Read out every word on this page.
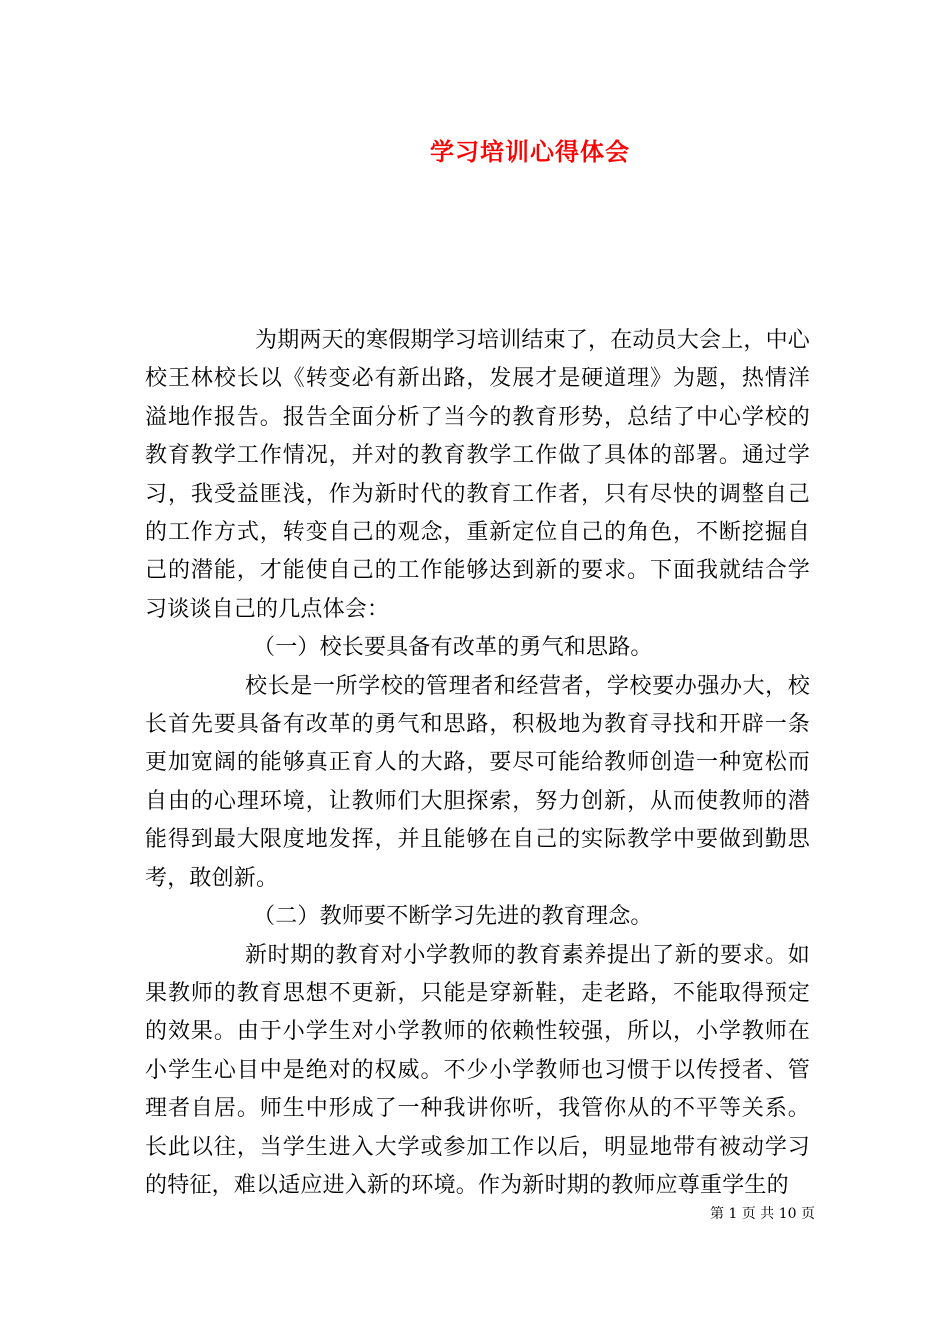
学习培训心得体会

为期两天的寒假期学习培训结束了，在动员大会上，中心校王林校长以《转变必有新出路，发展才是硬道理》为题，热情洋溢地作报告。报告全面分析了当今的教育形势，总结了中心学校的教育教学工作情况，并对的教育教学工作做了具体的部署。通过学习，我受益匪浅，作为新时代的教育工作者，只有尽快的调整自己的工作方式，转变自己的观念，重新定位自己的角色，不断挖掘自己的潜能，才能使自己的工作能够达到新的要求。下面我就结合学习谈谈自己的几点体会：

（一）校长要具备有改革的勇气和思路。

校长是一所学校的管理者和经营者，学校要办强办大，校长首先要具备有改革的勇气和思路，积极地为教育寻找和开辟一条更加宽阔的能够真正育人的大路，要尽可能给教师创造一种宽松而自由的心理环境，让教师们大胆探索，努力创新，从而使教师的潜能得到最大限度地发挥，并且能够在自己的实际教学中要做到勤思考，敢创新。

（二）教师要不断学习先进的教育理念。

新时期的教育对小学教师的教育素养提出了新的要求。如果教师的教育思想不更新，只能是穿新鞋，走老路，不能取得预定的效果。由于小学生对小学教师的依赖性较强，所以，小学教师在小学生心目中是绝对的权威。不少小学教师也习惯于以传授者、管理者自居。师生中形成了一种我讲你听，我管你从的不平等关系。长此以往，当学生进入大学或参加工作以后，明显地带有被动学习的特征，难以适应进入新的环境。作为新时期的教师应尊重学生的

第 1 页 共 10 页
